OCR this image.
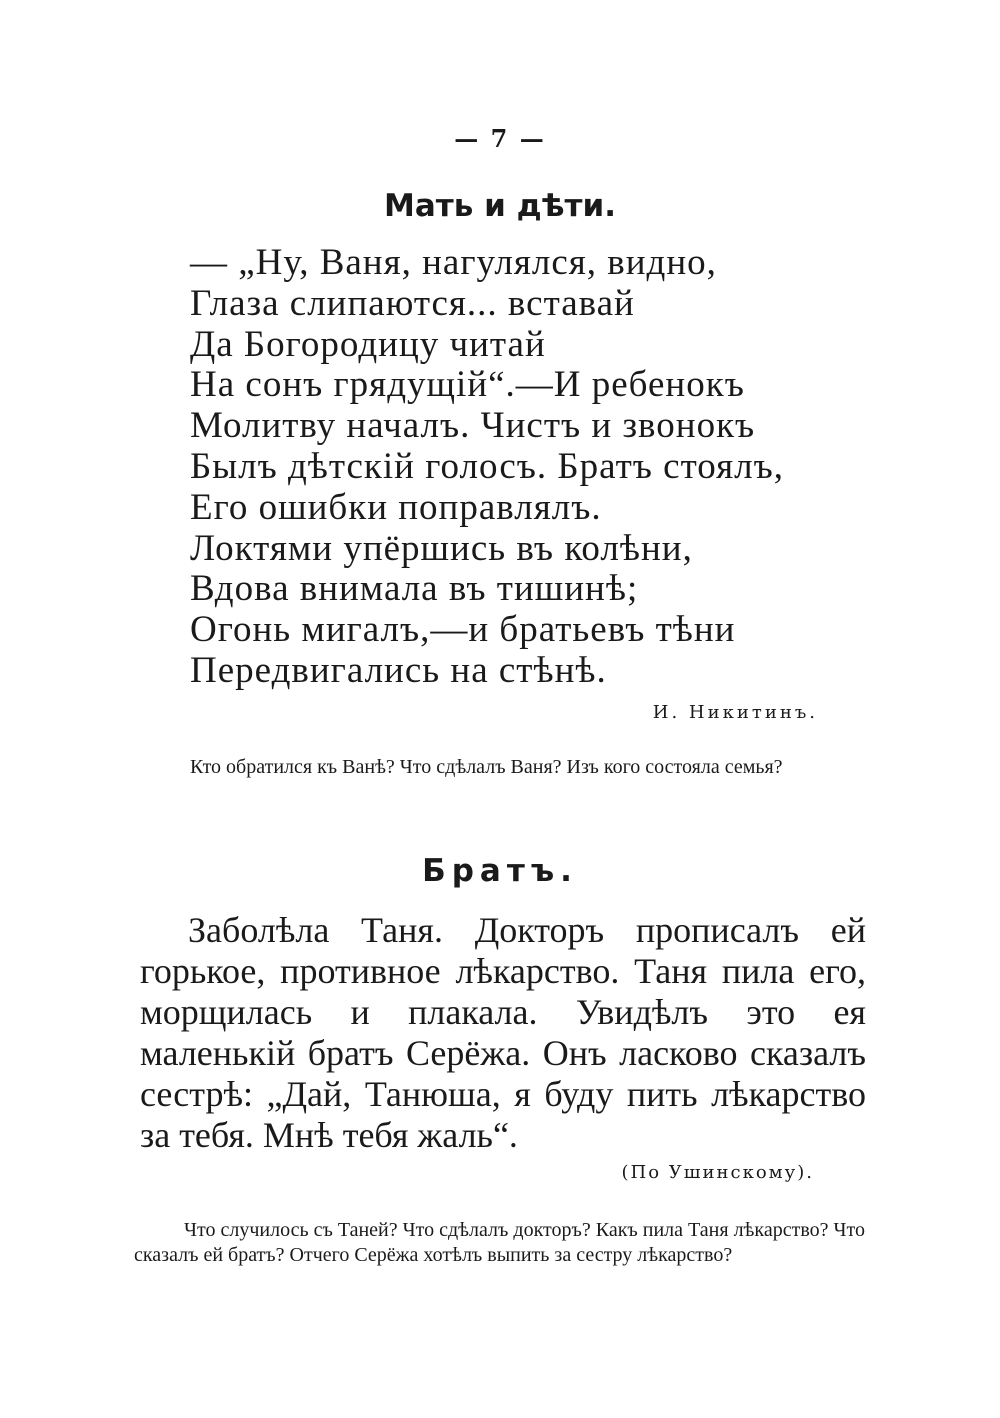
— 7 —
Мать и дѣти.
— „Ну, Ваня, нагулялся, видно,
Глаза слипаются... вставай
Да Богородицу читай
На сонъ грядущій“.—И ребенокъ
Молитву началъ. Чистъ и звонокъ
Былъ дѣтскій голосъ. Братъ стоялъ,
Его ошибки поправлялъ.
Локтями упёршись въ колѣни,
Вдова внимала въ тишинѣ;
Огонь мигалъ,—и братьевъ тѣни
Передвигались на стѣнѣ.
И. Никитинъ.

Кто обратился къ Ванѣ? Что сдѣлалъ Ваня? Изъ кого состояла семья?

Братъ.

Заболѣла Таня. Докторъ прописалъ ей горькое, противное лѣкарство. Таня пила его, морщилась и плакала. Увидѣлъ это ея маленькій братъ Серёжа. Онъ ласково сказалъ сестрѣ: „Дай, Танюша, я буду пить лѣкарство за тебя. Мнѣ тебя жаль“.

(По Ушинскому).

Что случилось съ Таней? Что сдѣлалъ докторъ? Какъ пила Таня лѣкарство? Что сказалъ ей братъ? Отчего Серёжа хотѣлъ выпить за сестру лѣкарство?
